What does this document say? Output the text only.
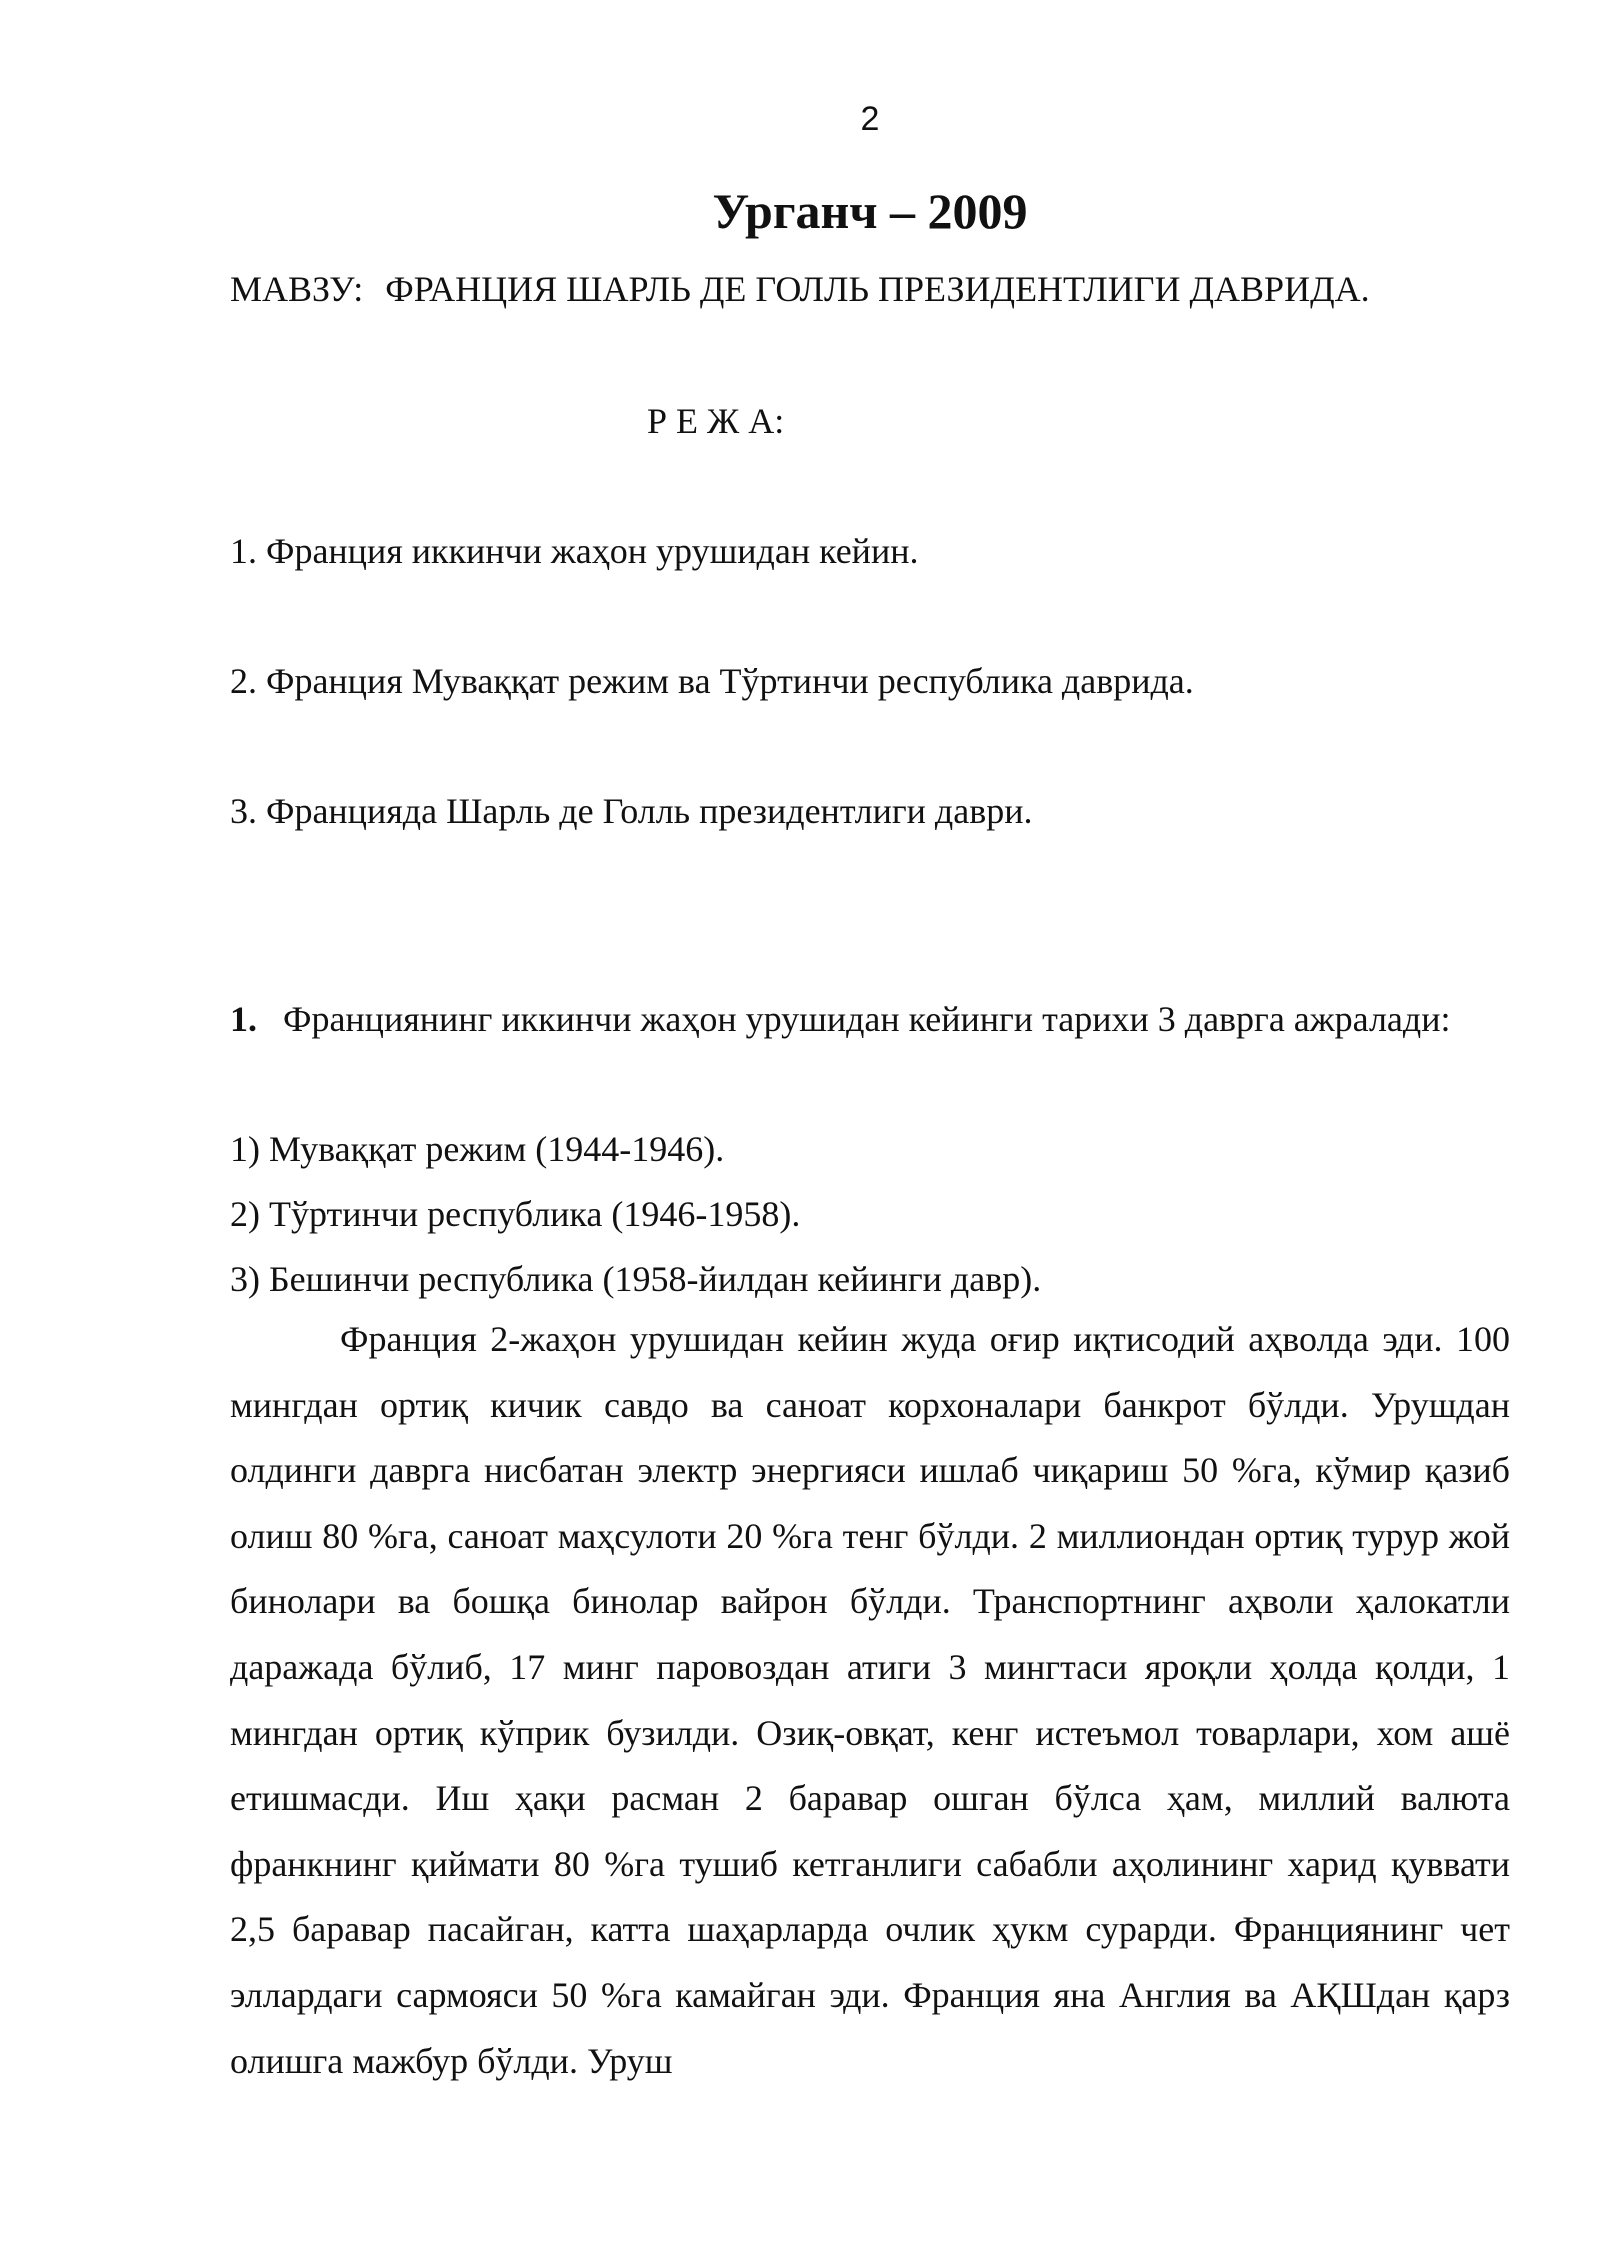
2
Урганч – 2009
МАВЗУ: ФРАНЦИЯ ШАРЛЬ ДЕ ГОЛЛЬ ПРЕЗИДЕНТЛИГИ ДАВРИДА.
Р Е Ж А:
1. Франция иккинчи жаҳон урушидан кейин.
2. Франция Муваққат режим ва Тўртинчи республика даврида.
3. Францияда Шарль де Голль президентлиги даври.
1. Франциянинг иккинчи жаҳон урушидан кейинги тарихи 3 даврга ажралади:
1) Муваққат режим (1944-1946).
2) Тўртинчи республика (1946-1958).
3) Бешинчи республика (1958-йилдан кейинги давр).
Франция 2-жаҳон урушидан кейин жуда оғир иқтисодий аҳволда эди. 100 мингдан ортиқ кичик савдо ва саноат корхоналари банкрот бўлди. Урушдан олдинги даврга нисбатан электр энергияси ишлаб чиқариш 50 %га, кўмир қазиб олиш 80 %га, саноат маҳсулоти 20 %га тенг бўлди. 2 миллиондан ортиқ турур жой бинолари ва бошқа бинолар вайрон бўлди. Транспортнинг аҳволи ҳалокатли даражада бўлиб, 17 минг паровоздан атиги 3 мингтаси яроқли ҳолда қолди, 1 мингдан ортиқ кўприк бузилди. Озиқ-овқат, кенг истеъмол товарлари, хом ашё етишмасди. Иш ҳақи расман 2 баравар ошган бўлса ҳам, миллий валюта франкнинг қиймати 80 %га тушиб кетганлиги сабабли аҳолининг харид қуввати 2,5 баравар пасайган, катта шаҳарларда очлик ҳукм сурарди. Франциянинг чет эллардаги сармояси 50 %га камайган эди. Франция яна Англия ва АҚШдан қарз олишга мажбур бўлди. Уруш
